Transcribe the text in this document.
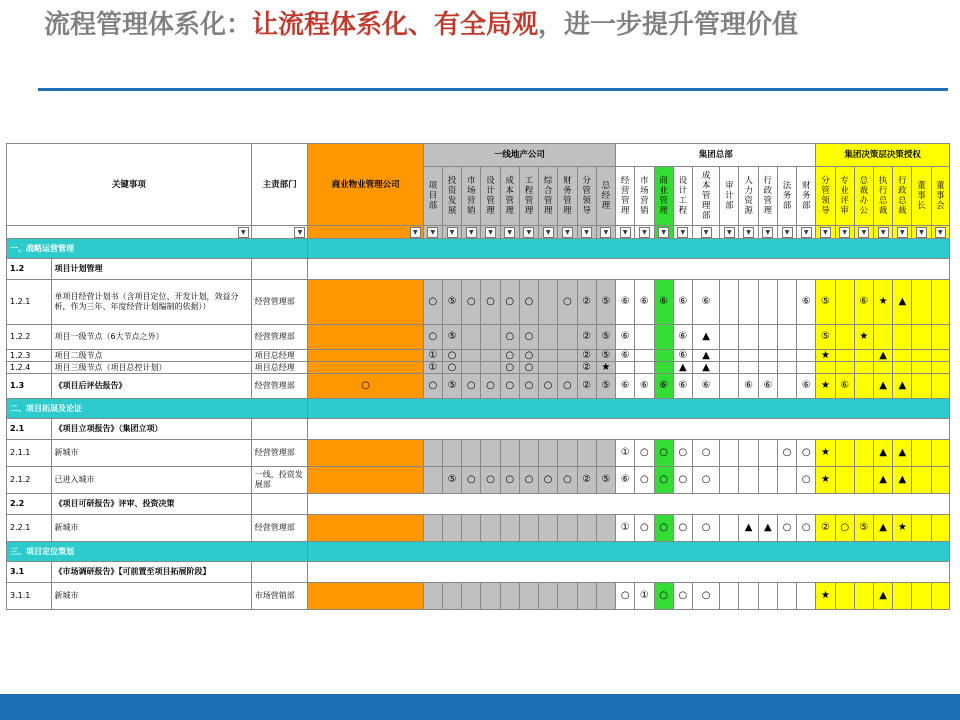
流程管理体系化：让流程体系化、有全局观，进一步提升管理价值
关键事项		主责部门	商业物业管理公司	一线地产公司										集团总部										集团决策层决策授权						

				项目部	投资发展	市场营销	设计管理	成本管理	工程管理	综合管理	财务管理	分管领导	总经理	经营管理	市场营销	商业管理	设计工程	成本管理部	审计部	人力资源	行政管理	法务部	财务部	分管领导	专业评审	总裁办公	执行总裁	行政总裁	董事长	董事会

▼		▼	▼	▼	▼	▼	▼	▼	▼	▼	▼	▼	▼	▼	▼	▼	▼	▼	▼	▼	▼	▼	▼	▼	▼	▼	▼	▼	▼	▼

一、战略运营管理																														
1.2	项目计划管理																													
1.2.1	单项目经营计划书（含项目定位、开发计划，效益分析，作为三年、年度经营计划编制的依据））	经营管理部		○	⑤	○	○	○	○		○	②	⑤	⑥	⑥	⑥	⑥	⑥					⑥	⑤		⑥	★	▲		
1.2.2	项目一级节点（6大节点之外）	经营管理部		○	⑤			○	○			②	⑤	⑥			⑥	▲						⑤		★				
1.2.3	项目二级节点	项目总经理		①	○			○	○			②	⑤	⑥			⑥	▲						★			▲			
1.2.4	项目三级节点（项目总控计划）	项目总经理		①	○			○	○			②	★				▲	▲												
1.3	《项目后评估报告》	经营管理部	○	○	⑤	○	○	○	○	○	○	②	⑤	⑥	⑥	⑥	⑥	⑥		⑥	⑥		⑥	★	⑥		▲	▲		
二、项目拓展及论证																														
2.1	《项目立项报告》（集团立项）																													
2.1.1	新城市	经营管理部												①	○	○	○	○				○	○	★			▲	▲		
2.1.2	已进入城市	一线，投资发展部			⑤	○	○	○	○	○	○	②	⑤	⑥	○	○	○	○					○	★			▲	▲		
2.2	《项目可研报告》评审、投资决策																													
2.2.1	新城市	经营管理部												①	○	○	○	○		▲	▲	○	○	②	○	⑤	▲	★		
三、项目定位策划																														
3.1	《市场调研报告》【可前置至项目拓展阶段】																													
3.1.1	新城市	市场营销部												○	①	○	○	○						★			▲			
